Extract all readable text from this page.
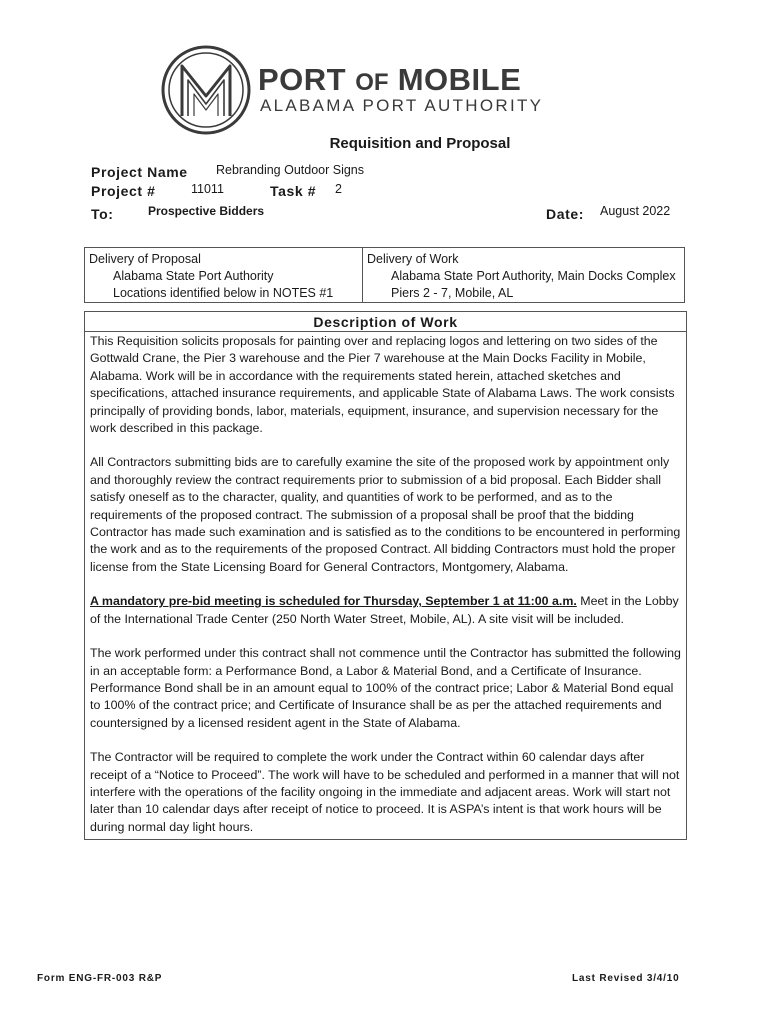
PORT OF MOBILE
ALABAMA PORT AUTHORITY
Requisition and Proposal
Project Name Rebranding Outdoor Signs
Project #	11011	Task # 2
To:	Prospective Bidders	Date: August 2022
Delivery of Proposal
Alabama State Port Authority
Locations identified below in NOTES #1
Delivery of Work
Alabama State Port Authority, Main Docks Complex
Piers 2 - 7, Mobile, AL
Description of Work

This Requisition solicits proposals for painting over and replacing logos and lettering on two sides of the Gottwald Crane, the Pier 3 warehouse and the Pier 7 warehouse at the Main Docks Facility in Mobile, Alabama. Work will be in accordance with the requirements stated herein, attached sketches and specifications, attached insurance requirements, and applicable State of Alabama Laws. The work consists principally of providing bonds, labor, materials, equipment, insurance, and supervision necessary for the work described in this package.

All Contractors submitting bids are to carefully examine the site of the proposed work by appointment only and thoroughly review the contract requirements prior to submission of a bid proposal. Each Bidder shall satisfy oneself as to the character, quality, and quantities of work to be performed, and as to the requirements of the proposed contract. The submission of a proposal shall be proof that the bidding Contractor has made such examination and is satisfied as to the conditions to be encountered in performing the work and as to the requirements of the proposed Contract. All bidding Contractors must hold the proper license from the State Licensing Board for General Contractors, Montgomery, Alabama.

A mandatory pre-bid meeting is scheduled for Thursday, September 1 at 11:00 a.m. Meet in the Lobby of the International Trade Center (250 North Water Street, Mobile, AL). A site visit will be included.

The work performed under this contract shall not commence until the Contractor has submitted the following in an acceptable form: a Performance Bond, a Labor & Material Bond, and a Certificate of Insurance. Performance Bond shall be in an amount equal to 100% of the contract price; Labor & Material Bond equal to 100% of the contract price; and Certificate of Insurance shall be as per the attached requirements and countersigned by a licensed resident agent in the State of Alabama.

The Contractor will be required to complete the work under the Contract within 60 calendar days after receipt of a “Notice to Proceed”. The work will have to be scheduled and performed in a manner that will not interfere with the operations of the facility ongoing in the immediate and adjacent areas. Work will start not later than 10 calendar days after receipt of notice to proceed. It is ASPA’s intent is that work hours will be during normal day light hours.

Form ENG-FR-003 R&P	Last Revised 3/4/10
